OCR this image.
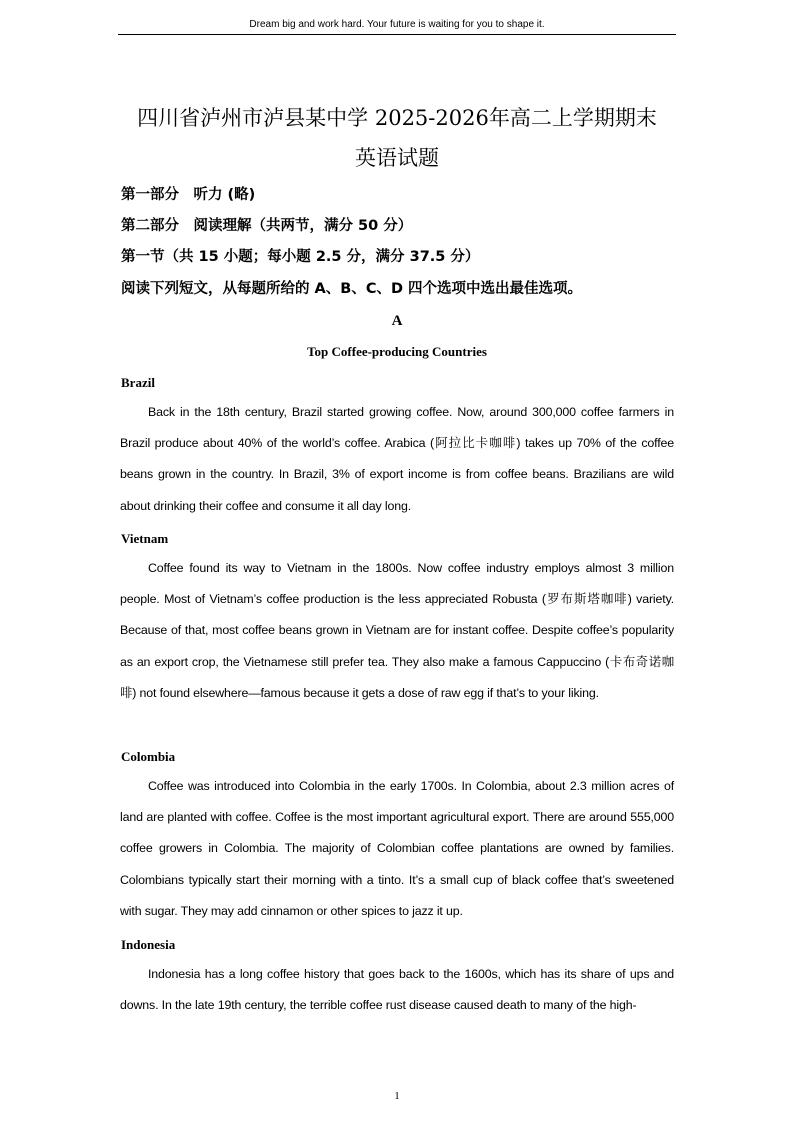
Dream big and work hard. Your future is waiting for you to shape it.
四川省泸州市泸县某中学 2025-2026年高二上学期期末
英语试题
第一部分　听力 (略)
第二部分　阅读理解（共两节，满分 50 分）
第一节（共 15 小题；每小题 2.5 分，满分 37.5 分）
阅读下列短文，从每题所给的 A、B、C、D 四个选项中选出最佳选项。
A
Top Coffee-producing Countries
Brazil

Back in the 18th century, Brazil started growing coffee. Now, around 300,000 coffee farmers in Brazil produce about 40% of the world’s coffee. Arabica (阿拉比卡咖啡) takes up 70% of the coffee beans grown in the country. In Brazil, 3% of export income is from coffee beans. Brazilians are wild about drinking their coffee and consume it all day long.

Vietnam

Coffee found its way to Vietnam in the 1800s. Now coffee industry employs almost 3 million people. Most of Vietnam’s coffee production is the less appreciated Robusta (罗布斯塔咖啡) variety. Because of that, most coffee beans grown in Vietnam are for instant coffee. Despite coffee’s popularity as an export crop, the Vietnamese still prefer tea. They also make a famous Cappuccino (卡布奇诺咖啡) not found elsewhere—famous because it gets a dose of raw egg if that’s to your liking.

Colombia

Coffee was introduced into Colombia in the early 1700s. In Colombia, about 2.3 million acres of land are planted with coffee. Coffee is the most important agricultural export. There are around 555,000 coffee growers in Colombia. The majority of Colombian coffee plantations are owned by families. Colombians typically start their morning with a tinto. It’s a small cup of black coffee that’s sweetened with sugar. They may add cinnamon or other spices to jazz it up.

Indonesia

Indonesia has a long coffee history that goes back to the 1600s, which has its share of ups and downs. In the late 19th century, the terrible coffee rust disease caused death to many of the high-

1
